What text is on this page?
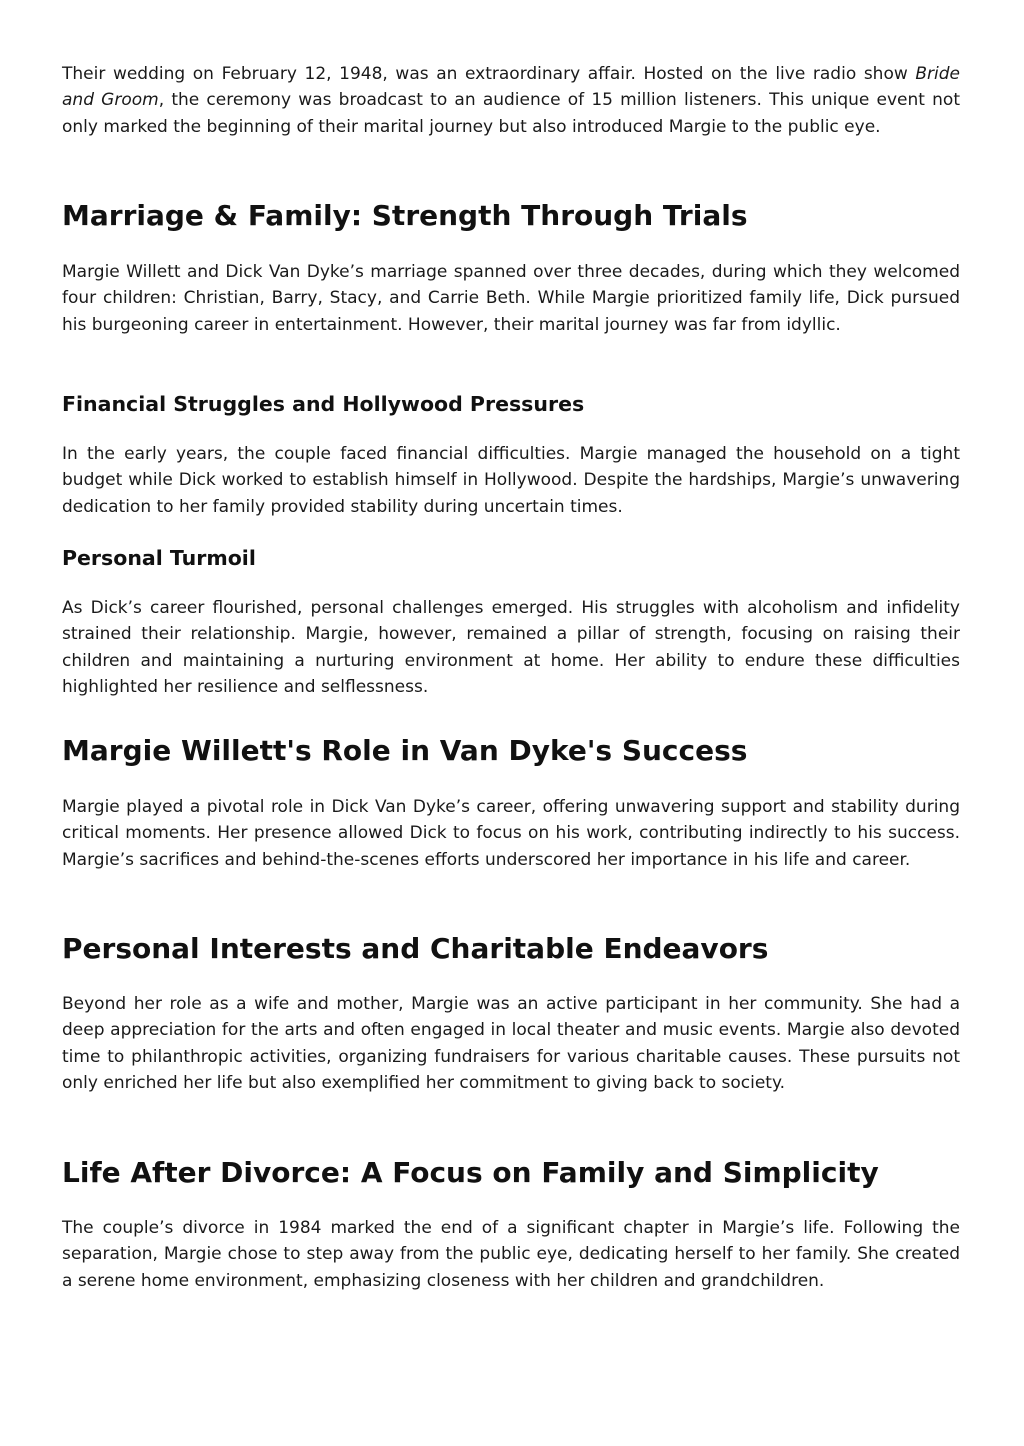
Their wedding on February 12, 1948, was an extraordinary affair. Hosted on the live radio show Bride and Groom, the ceremony was broadcast to an audience of 15 million listeners. This unique event not only marked the beginning of their marital journey but also introduced Margie to the public eye.

Marriage & Family: Strength Through Trials

Margie Willett and Dick Van Dyke’s marriage spanned over three decades, during which they welcomed four children: Christian, Barry, Stacy, and Carrie Beth. While Margie prioritized family life, Dick pursued his burgeoning career in entertainment. However, their marital journey was far from idyllic.

Financial Struggles and Hollywood Pressures

In the early years, the couple faced financial difficulties. Margie managed the household on a tight budget while Dick worked to establish himself in Hollywood. Despite the hardships, Margie’s unwavering dedication to her family provided stability during uncertain times.

Personal Turmoil

As Dick’s career flourished, personal challenges emerged. His struggles with alcoholism and infidelity strained their relationship. Margie, however, remained a pillar of strength, focusing on raising their children and maintaining a nurturing environment at home. Her ability to endure these difficulties highlighted her resilience and selflessness.

Margie Willett's Role in Van Dyke's Success

Margie played a pivotal role in Dick Van Dyke’s career, offering unwavering support and stability during critical moments. Her presence allowed Dick to focus on his work, contributing indirectly to his success. Margie’s sacrifices and behind-the-scenes efforts underscored her importance in his life and career.

Personal Interests and Charitable Endeavors

Beyond her role as a wife and mother, Margie was an active participant in her community. She had a deep appreciation for the arts and often engaged in local theater and music events. Margie also devoted time to philanthropic activities, organizing fundraisers for various charitable causes. These pursuits not only enriched her life but also exemplified her commitment to giving back to society.

Life After Divorce: A Focus on Family and Simplicity

The couple’s divorce in 1984 marked the end of a significant chapter in Margie’s life. Following the separation, Margie chose to step away from the public eye, dedicating herself to her family. She created a serene home environment, emphasizing closeness with her children and grandchildren.
